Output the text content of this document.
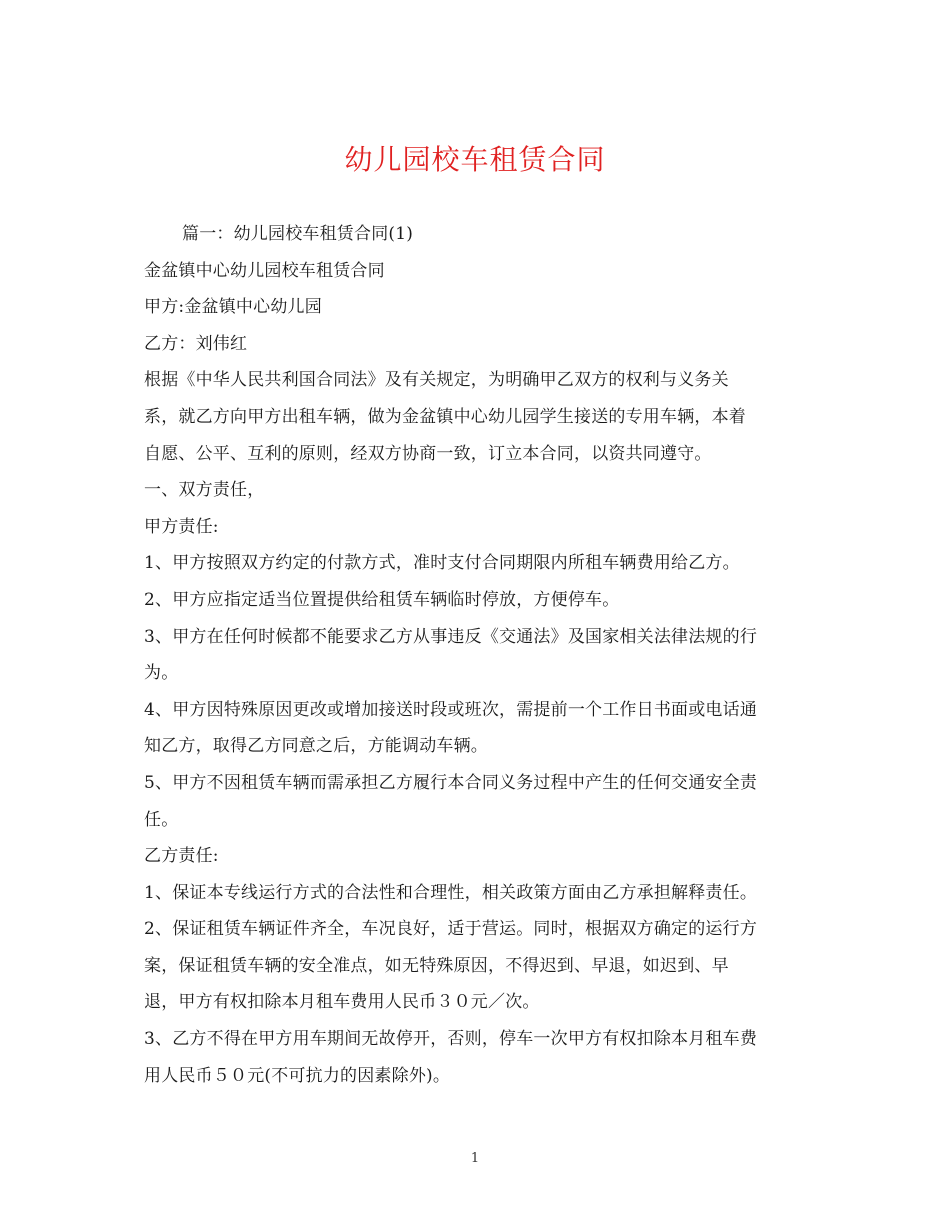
幼儿园校车租赁合同

篇一：幼儿园校车租赁合同(1)

金盆镇中心幼儿园校车租赁合同

甲方:金盆镇中心幼儿园

乙方：刘伟红

根据《中华人民共利国合同法》及有关规定，为明确甲乙双方的权利与义务关

系，就乙方向甲方出租车辆，做为金盆镇中心幼儿园学生接送的专用车辆，本着

自愿、公平、互利的原则，经双方协商一致，订立本合同，以资共同遵守。

一、双方责任，

甲方责任:

1、甲方按照双方约定的付款方式，准时支付合同期限内所租车辆费用给乙方。

2、甲方应指定适当位置提供给租赁车辆临时停放，方便停车。

3、甲方在任何时候都不能要求乙方从事违反《交通法》及国家相关法律法规的行

为。

4、甲方因特殊原因更改或增加接送时段或班次，需提前一个工作日书面或电话通

知乙方，取得乙方同意之后，方能调动车辆。

5、甲方不因租赁车辆而需承担乙方履行本合同义务过程中产生的任何交通安全责

任。

乙方责任:

1、保证本专线运行方式的合法性和合理性，相关政策方面由乙方承担解释责任。

2、保证租赁车辆证件齐全，车况良好，适于营运。同时，根据双方确定的运行方

案，保证租赁车辆的安全准点，如无特殊原因，不得迟到、早退，如迟到、早

退，甲方有权扣除本月租车费用人民币３０元／次。

3、乙方不得在甲方用车期间无故停开，否则，停车一次甲方有权扣除本月租车费

用人民币５０元(不可抗力的因素除外)。

1
